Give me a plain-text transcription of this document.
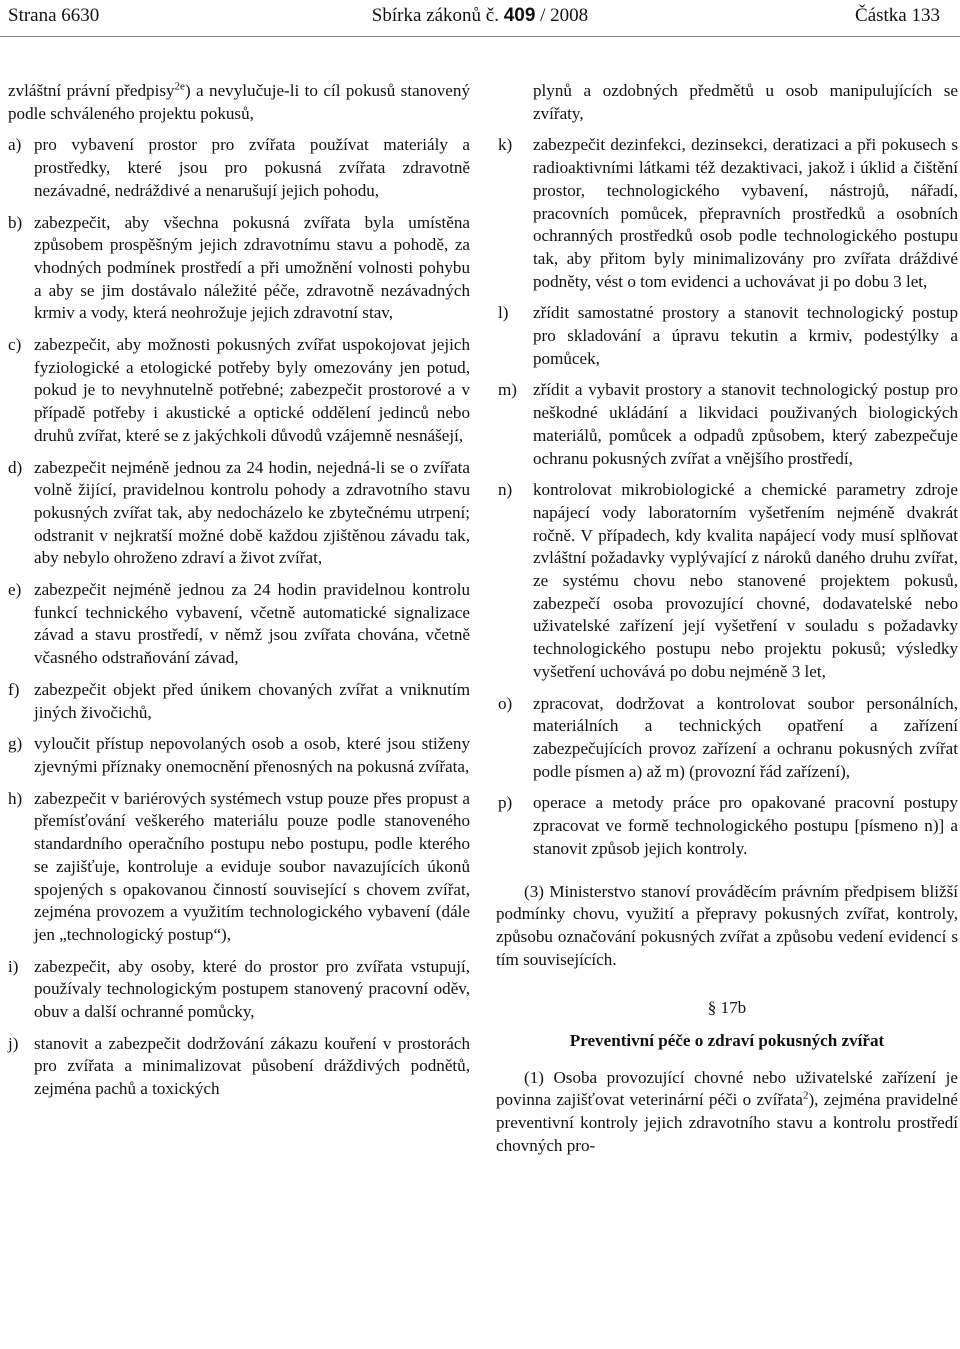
Strana 6630	Sbírka zákonů č. 409 / 2008	Částka 133

zvláštní právní předpisy$^{2e}$) a nevylučuje-li to cíl pokusů stanovený podle schváleného projektu pokusů,

a) pro vybavení prostor pro zvířata používat materiály a prostředky, které jsou pro pokusná zvířata zdravotně nezávadné, nedráždivé a nenarušují jejich pohodu,
b) zabezpečit, aby všechna pokusná zvířata byla umístěna způsobem prospěšným jejich zdravotnímu stavu a pohodě, za vhodných podmínek prostředí a při umožnění volnosti pohybu a aby se jim dostávalo náležité péče, zdravotně nezávadných krmiv a vody, která neohrožuje jejich zdravotní stav,
c) zabezpečit, aby možnosti pokusných zvířat uspokojovat jejich fyziologické a etologické potřeby byly omezovány jen potud, pokud je to nevyhnutelně potřebné; zabezpečit prostorové a v případě potřeby i akustické a optické oddělení jedinců nebo druhů zvířat, které se z jakýchkoli důvodů vzájemně nesnášejí,
d) zabezpečit nejméně jednou za 24 hodin, nejedná-li se o zvířata volně žijící, pravidelnou kontrolu pohody a zdravotního stavu pokusných zvířat tak, aby nedocházelo ke zbytečnému utrpení; odstranit v nejkratší možné době každou zjištěnou závadu tak, aby nebylo ohroženo zdraví a život zvířat,
e) zabezpečit nejméně jednou za 24 hodin pravidelnou kontrolu funkcí technického vybavení, včetně automatické signalizace závad a stavu prostředí, v němž jsou zvířata chována, včetně včasného odstraňování závad,
f) zabezpečit objekt před únikem chovaných zvířat a vniknutím jiných živočichů,
g) vyloučit přístup nepovolaných osob a osob, které jsou stiženy zjevnými příznaky onemocnění přenosných na pokusná zvířata,
h) zabezpečit v bariérových systémech vstup pouze přes propust a přemísťování veškerého materiálu pouze podle stanoveného standardního operačního postupu nebo postupu, podle kterého se zajišťuje, kontroluje a eviduje soubor navazujících úkonů spojených s opakovanou činností související s chovem zvířat, zejména provozem a využitím technologického vybavení (dále jen „technologický postup“),
i) zabezpečit, aby osoby, které do prostor pro zvířata vstupují, používaly technologickým postupem stanovený pracovní oděv, obuv a další ochranné pomůcky,
j) stanovit a zabezpečit dodržování zákazu kouření v prostorách pro zvířata a minimalizovat působení dráždivých podnětů, zejména pachů a toxických
plynů a ozdobných předmětů u osob manipulujících se zvířaty,
k) zabezpečit dezinfekci, dezinsekci, deratizaci a při pokusech s radioaktivními látkami též dezaktivaci, jakož i úklid a čištění prostor, technologického vybavení, nástrojů, nářadí, pracovních pomůcek, přepravních prostředků a osobních ochranných prostředků osob podle technologického postupu tak, aby přitom byly minimalizovány pro zvířata dráždivé podněty, vést o tom evidenci a uchovávat ji po dobu 3 let,
l) zřídit samostatné prostory a stanovit technologický postup pro skladování a úpravu tekutin a krmiv, podestýlky a pomůcek,
m) zřídit a vybavit prostory a stanovit technologický postup pro neškodné ukládání a likvidaci použivaných biologických materiálů, pomůcek a odpadů způsobem, který zabezpečuje ochranu pokusných zvířat a vnějšího prostředí,
n) kontrolovat mikrobiologické a chemické parametry zdroje napájecí vody laboratorním vyšetřením nejméně dvakrát ročně. V případech, kdy kvalita napájecí vody musí splňovat zvláštní požadavky vyplývající z nároků daného druhu zvířat, ze systému chovu nebo stanovené projektem pokusů, zabezpečí osoba provozující chovné, dodavatelské nebo uživatelské zařízení její vyšetření v souladu s požadavky technologického postupu nebo projektu pokusů; výsledky vyšetření uchovává po dobu nejméně 3 let,
o) zpracovat, dodržovat a kontrolovat soubor personálních, materiálních a technických opatření a zařízení zabezpečujících provoz zařízení a ochranu pokusných zvířat podle písmen a) až m) (provozní řád zařízení),
p) operace a metody práce pro opakované pracovní postupy zpracovat ve formě technologického postupu [písmeno n)] a stanovit způsob jejich kontroly.

(3) Ministerstvo stanoví prováděcím právním předpisem bližší podmínky chovu, využití a přepravy pokusných zvířat, kontroly, způsobu označování pokusných zvířat a způsobu vedení evidencí s tím souvisejících.

§ 17b

Preventivní péče o zdraví pokusných zvířat

(1) Osoba provozující chovné nebo uživatelské zařízení je povinna zajišťovat veterinární péči o zvířata$^2$), zejména pravidelné preventivní kontroly jejich zdravotního stavu a kontrolu prostředí chovných pro-
